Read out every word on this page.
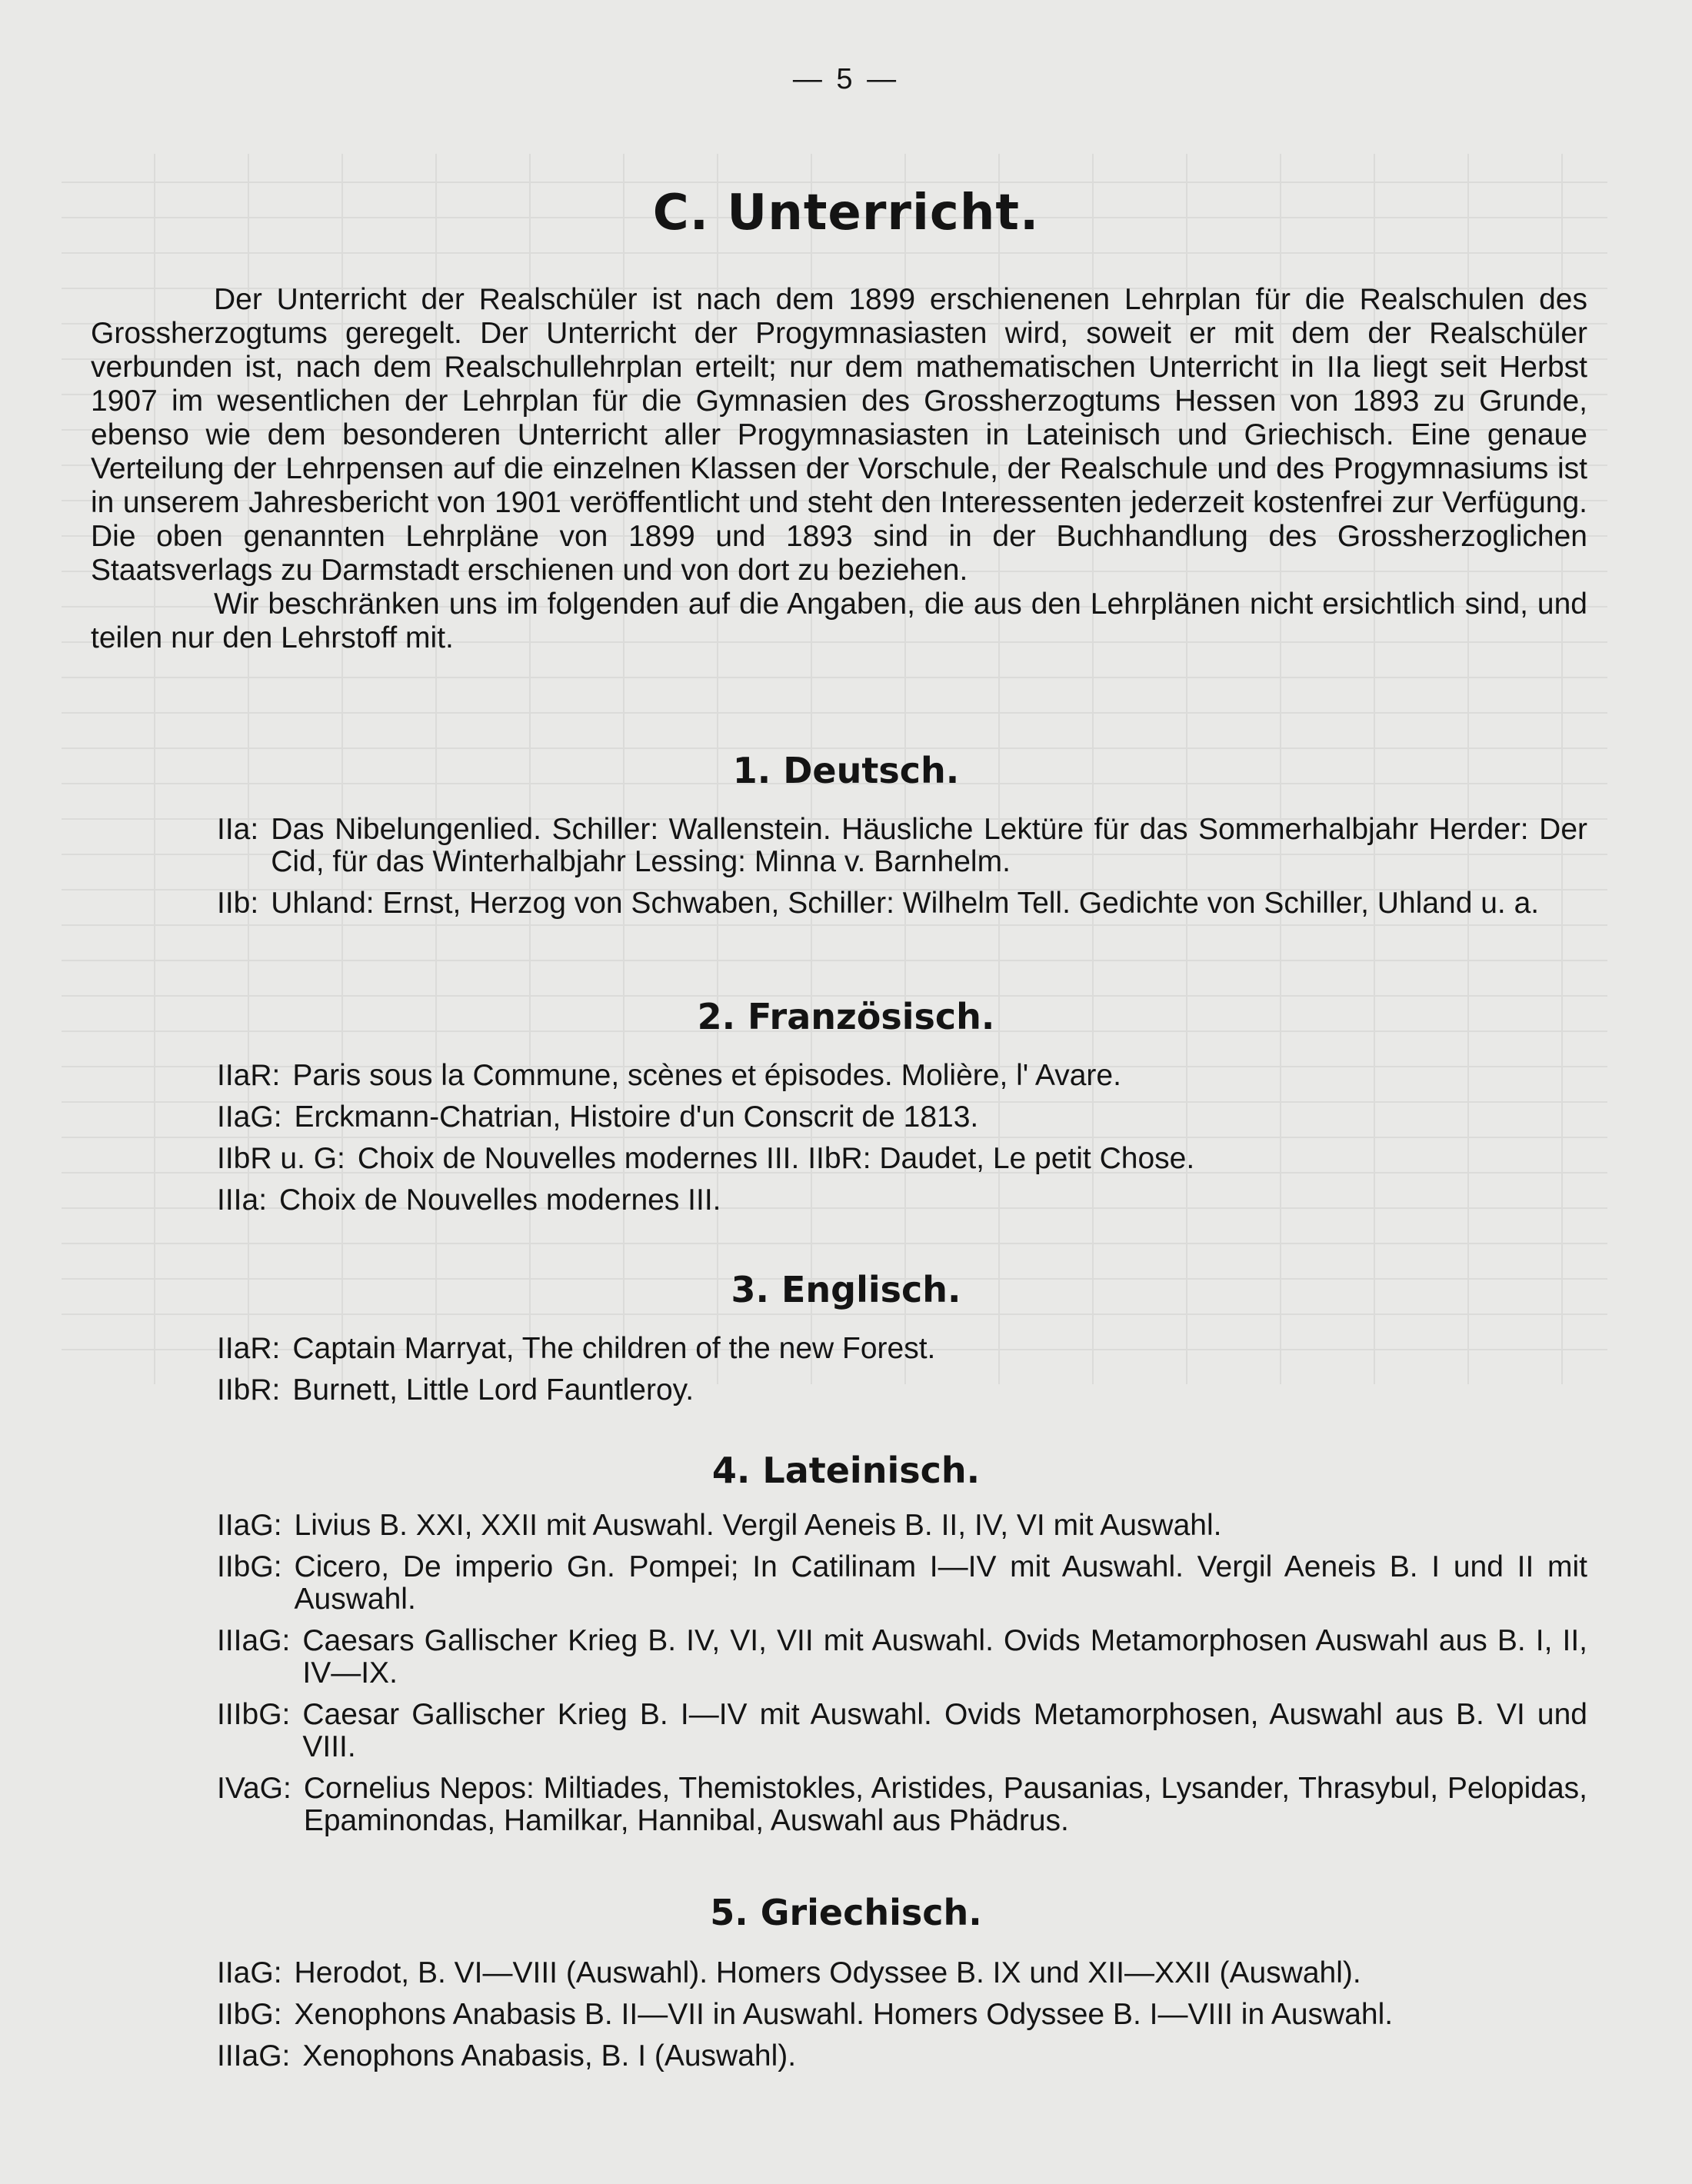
— 5 —
C. Unterricht.

Der Unterricht der Realschüler ist nach dem 1899 erschienenen Lehrplan für die Realschulen des Grossherzogtums geregelt. Der Unterricht der Progymnasiasten wird, soweit er mit dem der Realschüler verbunden ist, nach dem Realschullehrplan erteilt; nur dem mathematischen Unterricht in IIa liegt seit Herbst 1907 im wesentlichen der Lehrplan für die Gymnasien des Grossherzogtums Hessen von 1893 zu Grunde, ebenso wie dem besonderen Unterricht aller Progymnasiasten in Lateinisch und Griechisch. Eine genaue Verteilung der Lehrpensen auf die einzelnen Klassen der Vorschule, der Realschule und des Progymnasiums ist in unserem Jahresbericht von 1901 veröffentlicht und steht den Interessenten jederzeit kostenfrei zur Verfügung. Die oben genannten Lehrpläne von 1899 und 1893 sind in der Buchhandlung des Grossherzoglichen Staatsverlags zu Darmstadt erschienen und von dort zu beziehen.

Wir beschränken uns im folgenden auf die Angaben, die aus den Lehrplänen nicht ersichtlich sind, und teilen nur den Lehrstoff mit.

1. Deutsch.
IIa: Das Nibelungenlied. Schiller: Wallenstein. Häusliche Lektüre für das Sommerhalbjahr Herder: Der Cid, für das Winterhalbjahr Lessing: Minna v. Barnhelm.
IIb: Uhland: Ernst, Herzog von Schwaben, Schiller: Wilhelm Tell. Gedichte von Schiller, Uhland u. a.
2. Französisch.
IIaR: Paris sous la Commune, scènes et épisodes. Molière, l' Avare.
IIaG: Erckmann-Chatrian, Histoire d'un Conscrit de 1813.
IIbR u. G: Choix de Nouvelles modernes III. IIbR: Daudet, Le petit Chose.
IIIa: Choix de Nouvelles modernes III.
3. Englisch.
IIaR: Captain Marryat, The children of the new Forest.
IIbR: Burnett, Little Lord Fauntleroy.
4. Lateinisch.
IIaG: Livius B. XXI, XXII mit Auswahl. Vergil Aeneis B. II, IV, VI mit Auswahl.
IIbG: Cicero, De imperio Gn. Pompei; In Catilinam I—IV mit Auswahl. Vergil Aeneis B. I und II mit Auswahl.
IIIaG: Caesars Gallischer Krieg B. IV, VI, VII mit Auswahl. Ovids Metamorphosen Auswahl aus B. I, II, IV—IX.
IIIbG: Caesar Gallischer Krieg B. I—IV mit Auswahl. Ovids Metamorphosen, Auswahl aus B. VI und VIII.
IVaG: Cornelius Nepos: Miltiades, Themistokles, Aristides, Pausanias, Lysander, Thrasybul, Pelopidas, Epaminondas, Hamilkar, Hannibal, Auswahl aus Phädrus.
5. Griechisch.
IIaG: Herodot, B. VI—VIII (Auswahl). Homers Odyssee B. IX und XII—XXII (Auswahl).
IIbG: Xenophons Anabasis B. II—VII in Auswahl. Homers Odyssee B. I—VIII in Auswahl.
IIIaG: Xenophons Anabasis, B. I (Auswahl).
